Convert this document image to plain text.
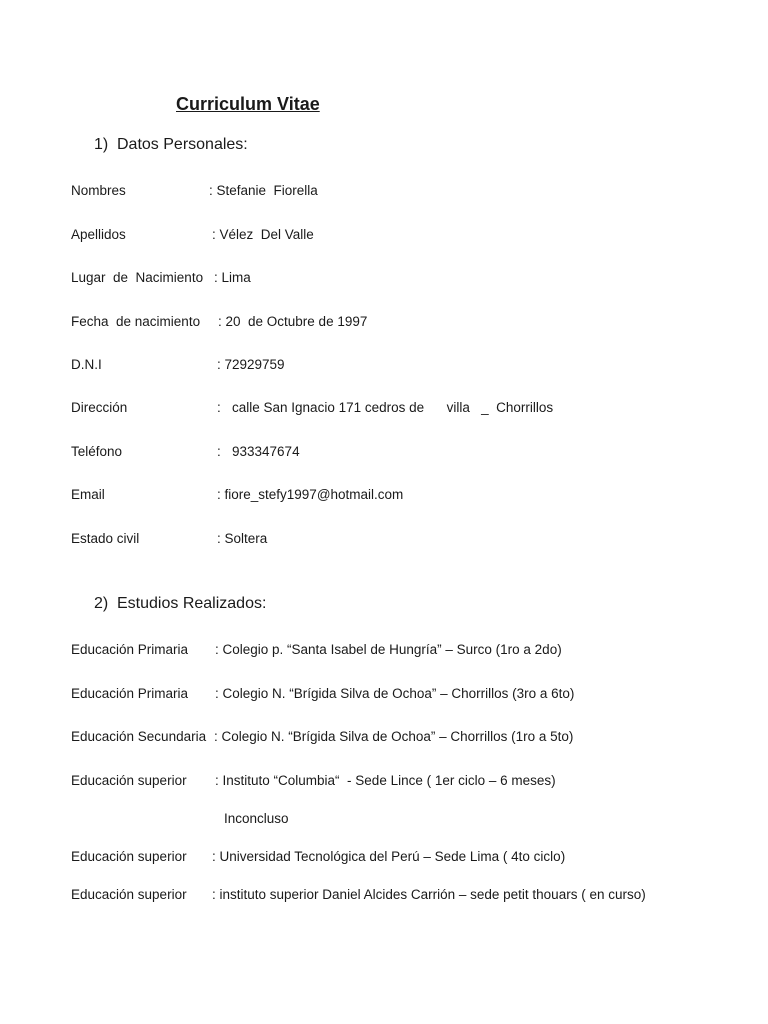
Curriculum Vitae
1) Datos Personales:

Nombres

	: Stefanie  Fiorella

Apellidos

	: Vélez  Del Valle

Lugar  de  Nacimiento

: Lima

Fecha  de nacimiento

: 20  de Octubre de 1997

D.N.I

	: 72929759

Dirección

	:   calle San Ignacio 171 cedros de      villa   _  Chorrillos

Teléfono

	:   933347674

Email

	: fiore_stefy1997@hotmail.com

Estado civil

	: Soltera

2) Estudios Realizados:

Educación Primaria

: Colegio p. “Santa Isabel de Hungría” – Surco (1ro a 2do)

Educación Primaria

: Colegio N. “Brígida Silva de Ochoa” – Chorrillos (3ro a 6to)

Educación Secundaria

: Colegio N. “Brígida Silva de Ochoa” – Chorrillos (1ro a 5to)

Educación superior

: Instituto “Columbia“  - Sede Lince ( 1er ciclo – 6 meses)

Inconcluso

Educación superior

: Universidad Tecnológica del Perú – Sede Lima ( 4to ciclo)

Educación superior

: instituto superior Daniel Alcides Carrión – sede petit thouars ( en curso)
